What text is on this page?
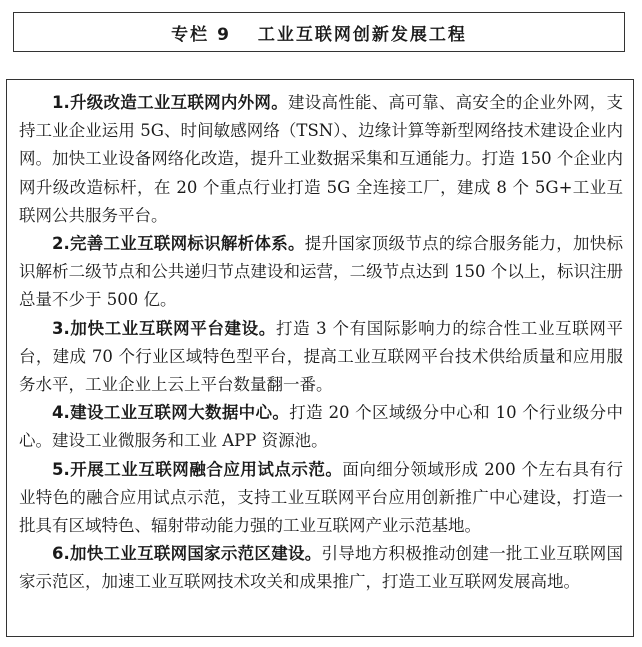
专栏 9　 工业互联网创新发展工程

1.升级改造工业互联网内外网。建设高性能、高可靠、高安全的企业外网，支持工业企业运用 5G、时间敏感网络（TSN）、边缘计算等新型网络技术建设企业内网。加快工业设备网络化改造，提升工业数据采集和互通能力。打造 150 个企业内网升级改造标杆，在 20 个重点行业打造 5G 全连接工厂，建成 8 个 5G+工业互联网公共服务平台。

2.完善工业互联网标识解析体系。提升国家顶级节点的综合服务能力，加快标识解析二级节点和公共递归节点建设和运营，二级节点达到 150 个以上，标识注册总量不少于 500 亿。

3.加快工业互联网平台建设。打造 3 个有国际影响力的综合性工业互联网平台，建成 70 个行业区域特色型平台，提高工业互联网平台技术供给质量和应用服务水平，工业企业上云上平台数量翻一番。

4.建设工业互联网大数据中心。打造 20 个区域级分中心和 10 个行业级分中心。建设工业微服务和工业 APP 资源池。

5.开展工业互联网融合应用试点示范。面向细分领域形成 200 个左右具有行业特色的融合应用试点示范，支持工业互联网平台应用创新推广中心建设，打造一批具有区域特色、辐射带动能力强的工业互联网产业示范基地。

6.加快工业互联网国家示范区建设。引导地方积极推动创建一批工业互联网国家示范区，加速工业互联网技术攻关和成果推广，打造工业互联网发展高地。
